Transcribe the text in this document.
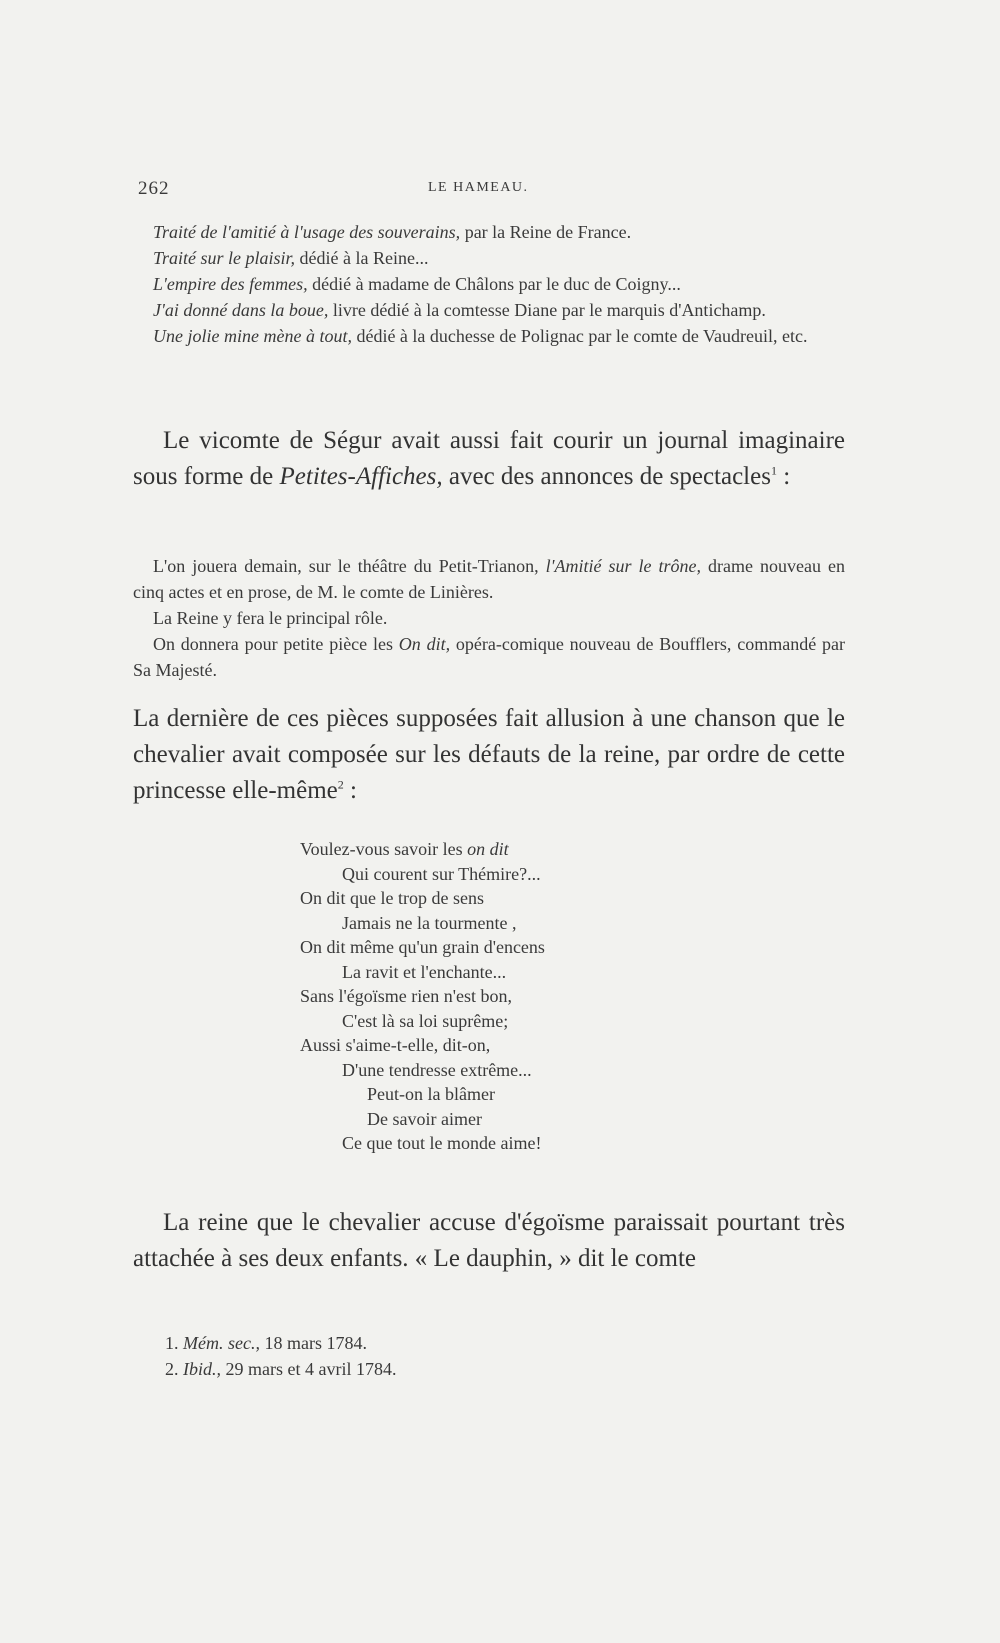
262	LE HAMEAU.

Traité de l'amitié à l'usage des souverains, par la Reine de France.

Traité sur le plaisir, dédié à la Reine...

L'empire des femmes, dédié à madame de Châlons par le duc de Coigny...

J'ai donné dans la boue, livre dédié à la comtesse Diane par le marquis d'Antichamp.

Une jolie mine mène à tout, dédié à la duchesse de Polignac par le comte de Vaudreuil, etc.

Le vicomte de Ségur avait aussi fait courir un journal imaginaire sous forme de Petites-Affiches, avec des annonces de spectacles$^1$ :

L'on jouera demain, sur le théâtre du Petit-Trianon, l'Amitié sur le trône, drame nouveau en cinq actes et en prose, de M. le comte de Linières.

La Reine y fera le principal rôle.

On donnera pour petite pièce les On dit, opéra-comique nouveau de Boufflers, commandé par Sa Majesté.

La dernière de ces pièces supposées fait allusion à une chanson que le chevalier avait composée sur les défauts de la reine, par ordre de cette princesse elle-même$^2$ :

Voulez-vous savoir les on dit
Qui courent sur Thémire?...
On dit que le trop de sens
Jamais ne la tourmente ,
On dit même qu'un grain d'encens
La ravit et l'enchante...
Sans l'égoïsme rien n'est bon,
C'est là sa loi suprême;
Aussi s'aime-t-elle, dit-on,
D'une tendresse extrême...
Peut-on la blâmer
De savoir aimer
Ce que tout le monde aime!

La reine que le chevalier accuse d'égoïsme paraissait pourtant très attachée à ses deux enfants. « Le dauphin, » dit le comte

1. Mém. sec., 18 mars 1784.
2. Ibid., 29 mars et 4 avril 1784.
